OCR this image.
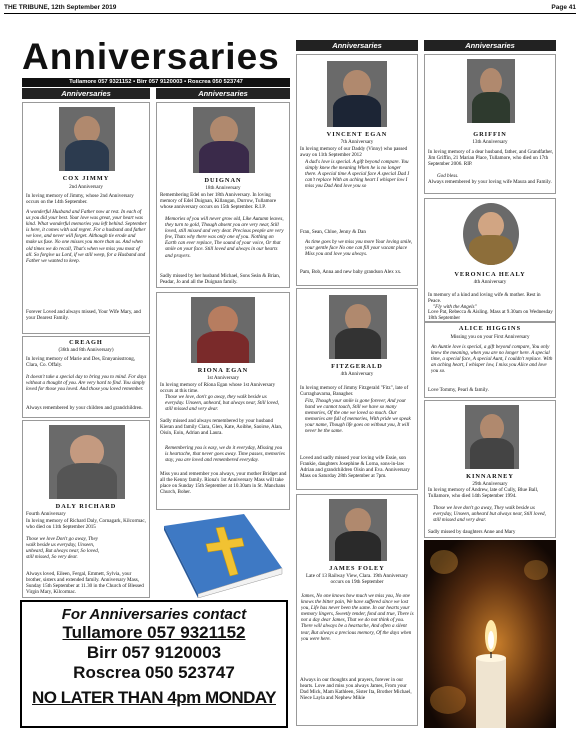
THE TRIBUNE, 12th September 2019	Page 41
Anniversaries
Tullamore 057 9321152 • Birr 057 9120003 • Roscrea 050 523747
Anniversaries	Anniversaries
Anniversaries	Anniversaries
COX JIMMY
2nd Anniversary
In loving memory of Jimmy, whose 2nd Anniversary occurs on the 14th September.
A wonderful Husband and Father now at rest. In each of us you did your best. Your love was great, your heart was kind. What wonderful memories you left behind. September is here, it comes with sad regret. For a husband and father we love, and never will forget. Although tie erode and make us fuse. No one misses you more than us. And when old times we do recall, That's when we miss you most of all. So forgive us Lord, if we still weep, for a Husband and Father we wanted to keep.
Forever Loved and always missed, Your Wife Mary, and your Dearest Family.
CREAGH
(36th and 8th Anniversary)
In loving memory of Marie and Des, Ennyanisstrong, Clara, Co. Offaly.
It doesn't take a special day to bring you to mind. For days without a thought of you. Are very hard to find. You simply loved for those you loved. And those you loved remember.
Always remembered by your children and grandchildren.
DALY RICHARD
Fourth Anniversary
In loving memory of Richard Daly, Cornagark, Kilcormac, who died on 11th September 2015
Those we love Don't go away, They walk beside us everyday, Unseen, unheard, But always near, So loved, still missed, So very dear.
Always loved, Eileen, Fergal, Emmett, Sylvia, your brother, sisters and extended family. Anniversary Mass, Sunday 15th September at 11.30 in the Church of Blessed Virgin Mary, Kilcormac.
DUIGNAN
18th Anniversary
Remembering Edel on her 18th Anniversary. In loving memory of Edel Duignan, Killangan, Durrow, Tullamore whose anniversary occurs on 15th September. R.I.P.
Memories of you will never grow old, Like Autumn leaves, they turn to gold, Though absent you are very near, Still loved, still missed and very dear. Precious people are very few, Thats why there was only one of you. Nothing on Earth can ever replace, The sound of your voice, Or that smile on your face. Still loved and always in our hearts and prayers.
Sadly missed by her husband Michael, Sons Seán & Brian, Peadar, Jo and all the Duignan family.
RIONA EGAN
1st Anniversary
In loving memory of Ríona Egan whose 1st Anniversary occurs at this time.
Those we love, don't go away, they walk beside us everyday. Unseen, unheard, but always near, Still loved, still missed and very dear.
Sadly missed and always remembered by your husband Kieran and family Ciara, Glen, Kate, Aoibhe, Saoirse, Alan, Oisín, Eoin, Adrian and Laura.
Remembering you is easy, we do it everyday, Missing you is heartache, that never goes away. Time passes, memories stay, you are loved and remembered everyday.
Miss you and remember you always, your mother Bridget and all the Kenny family. Ríona's 1st Anniversary Mass will take place on Sunday 15th September at 10.30am in St. Manchans Church, Boher.
For Anniversaries contact
Tullamore 057 9321152
Birr 057 9120003
Roscrea 050 523747
NO LATER THAN 4pm MONDAY
VINCENT EGAN
7th Anniversary
In loving memory of our Daddy (Vinny) who passed away on 11th September 2012
A dad's love is special. A gift beyond compare. You simply knew the meaning When he is no longer there. A special time A special face A special Dad I can't replace With an aching heart I whisper low I miss you Dad And love you so
Fran, Sean, Chloe, Jenny & Dan
As time goes by we miss you more Your loving smile, your gentle face No one can fill your vacant place Miss you and love you always.
Pam, Bob, Anna and new baby grandson Alex xx.
FITZGERALD
4th Anniversary
In loving memory of Jimmy Fitzgerald "Fitz", late of Curraghavarna, Banagher.
Fitz, Though your smile is gone forever, And your hand we cannot touch, Still we have so many memories, Of the one we loved so much. Our memories are full of memories, With pride we speak your name, Though life goes on without you, It will never be the same.
Loved and sadly missed your loving wife Essie, son Frankie, daughters Josephine & Lorna, sons-in-law Adrian and grandchildren Oisín and Eva. Anniversary Mass on Saturday 28th September at 7pm.
JAMES FOLEY
Late of 13 Railway View, Clara. 19th Anniversary occurs on 19th September
James, No one knows how much we miss you, No one knows the bitter pain, We have suffered since we lost you, Life has never been the same. In our hearts your memory lingers, Sweetly tender, fond and true, There is not a day dear James, That we do not think of you. There will always be a heartache, And often a silent tear, But always a precious memory, Of the days when you were here.
Always in our thoughts and prayers, forever in our hearts. Love and miss you always James, From your Dad Mick, Mam Kathleen, Sister Ita, Brother Michael, Niece Layla and Nephew Mikie
GRIFFIN
13th Anniversary
In loving memory of a dear husband, father, and Grandfather, Jim Griffin, 21 Marian Place, Tullamore, who died on 17th September 2006. RIP.
God bless.
Always remembered by your loving wife Maura and Family.
VERONICA HEALY
4th Anniversary
In memory of a kind and loving wife & mother. Rest in Peace.
"Fly with the Angels"
Love Pat, Rebecca & Aisling. Mass at 9.30am on Wednesday 18th September
ALICE HIGGINS
Missing you on your First Anniversary
An Auntie love is special, a gift beyond compare, You only knew the meaning, when you are no longer here. A special time, a special face, A special Aunt, I couldn't replace. With an aching heart, I whisper low, I miss you Alice and love you so.
Love Tommy, Pearl & family.
KINNARNEY
29th Anniversary
In loving memory of Andrew, late of Cully, Blue Ball, Tullamore, who died 14th September 1994.
Those we love don't go away, They walk beside us everyday, Unseen, unheard but always near, Still loved, still missed and very dear.
Sadly missed by daughters Anne and Mary
